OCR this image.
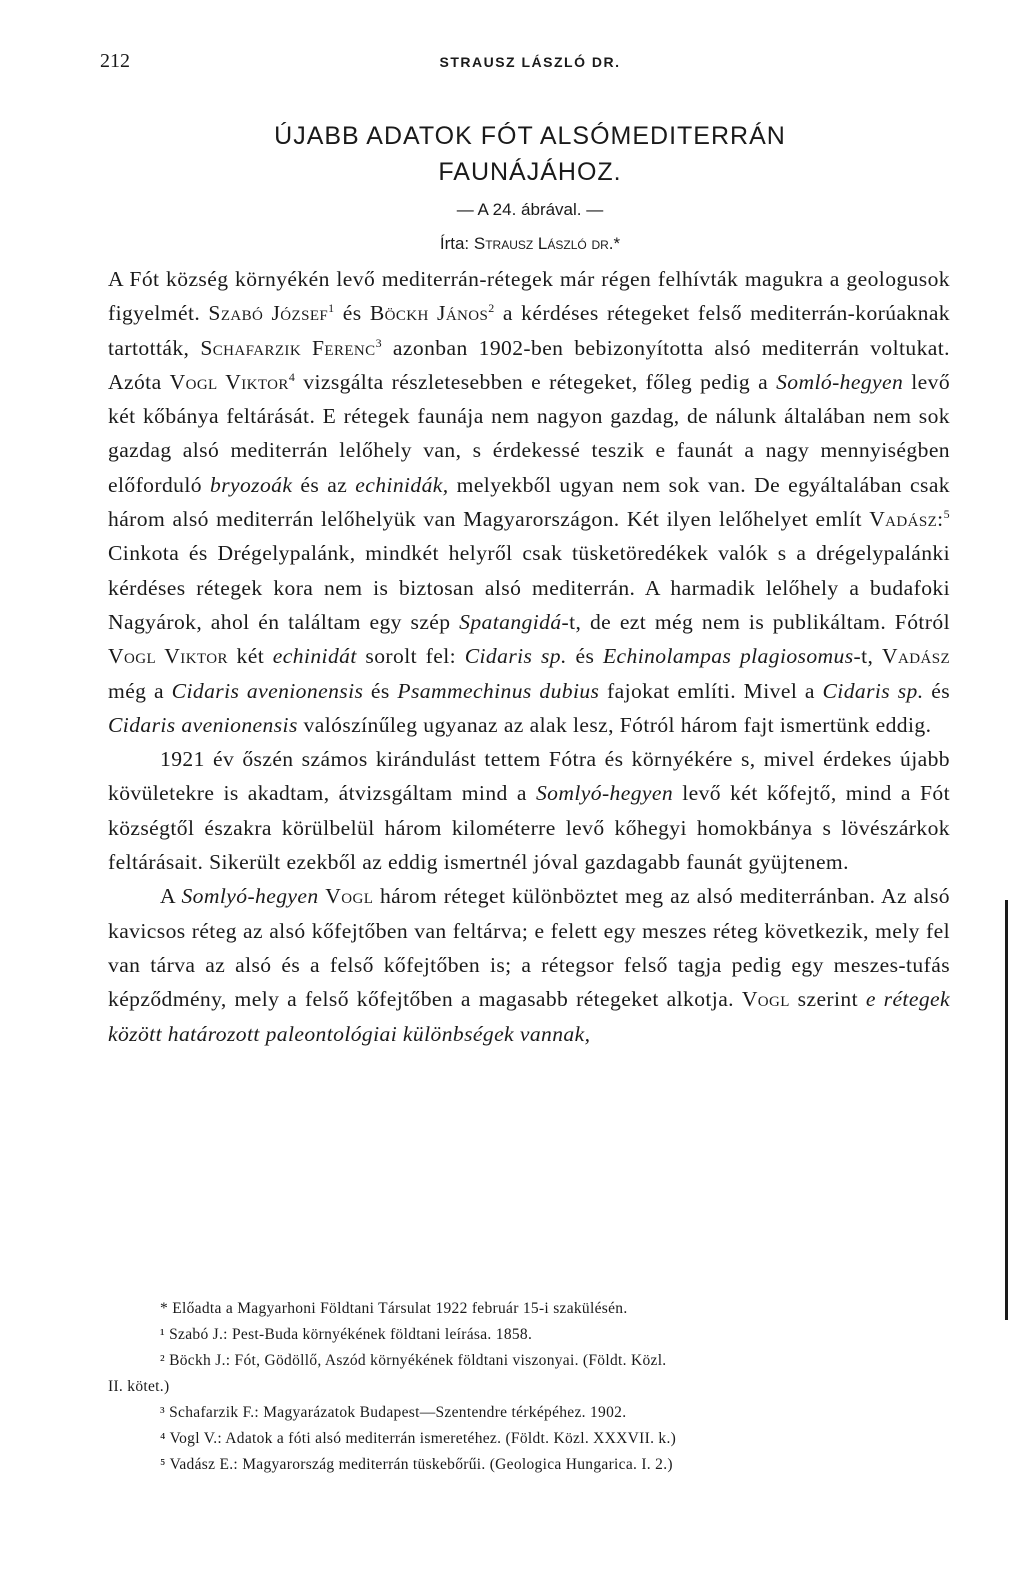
212	STRAUSZ LÁSZLÓ DR.
ÚJABB ADATOK FÓT ALSÓMEDITERRÁN
FAUNÁJÁHOZ.
— A 24. ábrával. —
Írta: Strausz László dr.*

A Fót község környékén levő mediterrán-rétegek már régen felhívták magukra a geologusok figyelmét. Szabó József$^1$ és Böckh János$^2$ a kérdéses rétegeket felső mediterrán-korúaknak tartották, Schafarzik Ferenc$^3$ azonban 1902-ben bebizonyította alsó mediterrán voltukat. Azóta Vogl Viktor$^4$ vizsgálta részletesebben e rétegeket, főleg pedig a Somló-hegyen levő két kőbánya feltárását. E rétegek faunája nem nagyon gazdag, de nálunk általában nem sok gazdag alsó mediterrán lelőhely van, s érdekessé teszik e faunát a nagy mennyiségben előforduló bryozoák és az echinidák, melyekből ugyan nem sok van. De egyáltalában csak három alsó mediterrán lelőhelyük van Magyarországon. Két ilyen lelőhelyet említ Vadász:$^5$ Cinkota és Drégelypalánk, mindkét helyről csak tüsketöredékek valók s a drégelypalánki kérdéses rétegek kora nem is biztosan alsó mediterrán. A harmadik lelőhely a budafoki Nagyárok, ahol én találtam egy szép Spatangidá-t, de ezt még nem is publikáltam. Fótról Vogl Viktor két echinidát sorolt fel: Cidaris sp. és Echinolampas plagiosomus-t, Vadász még a Cidaris avenionensis és Psammechinus dubius fajokat említi. Mivel a Cidaris sp. és Cidaris avenionensis valószínűleg ugyanaz az alak lesz, Fótról három fajt ismertünk eddig.

1921 év őszén számos kirándulást tettem Fótra és környékére s, mivel érdekes újabb kövületekre is akadtam, átvizsgáltam mind a Somlyó-hegyen levő két kőfejtő, mind a Fót községtől északra körülbelül három kilométerre levő kőhegyi homokbánya s lövészárkok feltárásait. Sikerült ezekből az eddig ismertnél jóval gazdagabb faunát gyüjtenem.

A Somlyó-hegyen Vogl három réteget különböztet meg az alsó mediterránban. Az alsó kavicsos réteg az alsó kőfejtőben van feltárva; e felett egy meszes réteg következik, mely fel van tárva az alsó és a felső kőfejtőben is; a rétegsor felső tagja pedig egy meszes-tufás képződmény, mely a felső kőfejtőben a magasabb rétegeket alkotja. Vogl szerint e rétegek között határozott paleontológiai különbségek vannak,

* Előadta a Magyarhoni Földtani Társulat 1922 február 15-i szakülésén.
¹ Szabó J.: Pest-Buda környékének földtani leírása. 1858.
² Böckh J.: Fót, Gödöllő, Aszód környékének földtani viszonyai. (Földt. Közl.
II. kötet.)
³ Schafarzik F.: Magyarázatok Budapest—Szentendre térképéhez. 1902.
⁴ Vogl V.: Adatok a fóti alsó mediterrán ismeretéhez. (Földt. Közl. XXXVII. k.)
⁵ Vadász E.: Magyarország mediterrán tüskebőrűi. (Geologica Hungarica. I. 2.)
